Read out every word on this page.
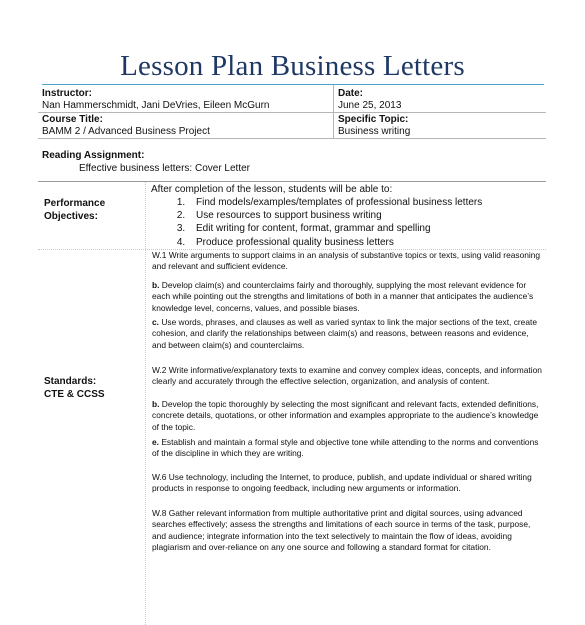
Lesson Plan Business Letters
Instructor:
Nan Hammerschmidt, Jani DeVries, Eileen McGurn
Date:
June 25, 2013
Course Title:
BAMM 2 / Advanced Business Project
Specific Topic:
Business writing
Reading Assignment:
Effective business letters: Cover Letter
Performance
Objectives:
After completion of the lesson, students will be able to:
1. Find models/examples/templates of professional business letters
2. Use resources to support business writing
3. Edit writing for content, format, grammar and spelling
4. Produce professional quality business letters
Standards:
CTE & CCSS

W.1 Write arguments to support claims in an analysis of substantive topics or texts, using valid reasoning and relevant and sufficient evidence.

b. Develop claim(s) and counterclaims fairly and thoroughly, supplying the most relevant evidence for each while pointing out the strengths and limitations of both in a manner that anticipates the audience’s knowledge level, concerns, values, and possible biases.

c. Use words, phrases, and clauses as well as varied syntax to link the major sections of the text, create cohesion, and clarify the relationships between claim(s) and reasons, between reasons and evidence, and between claim(s) and counterclaims.

W.2 Write informative/explanatory texts to examine and convey complex ideas, concepts, and information clearly and accurately through the effective selection, organization, and analysis of content.

b. Develop the topic thoroughly by selecting the most significant and relevant facts, extended definitions, concrete details, quotations, or other information and examples appropriate to the audience’s knowledge of the topic.

e. Establish and maintain a formal style and objective tone while attending to the norms and conventions of the discipline in which they are writing.

W.6 Use technology, including the Internet, to produce, publish, and update individual or shared writing products in response to ongoing feedback, including new arguments or information.

W.8 Gather relevant information from multiple authoritative print and digital sources, using advanced searches effectively; assess the strengths and limitations of each source in terms of the task, purpose, and audience; integrate information into the text selectively to maintain the flow of ideas, avoiding plagiarism and over-reliance on any one source and following a standard format for citation.
